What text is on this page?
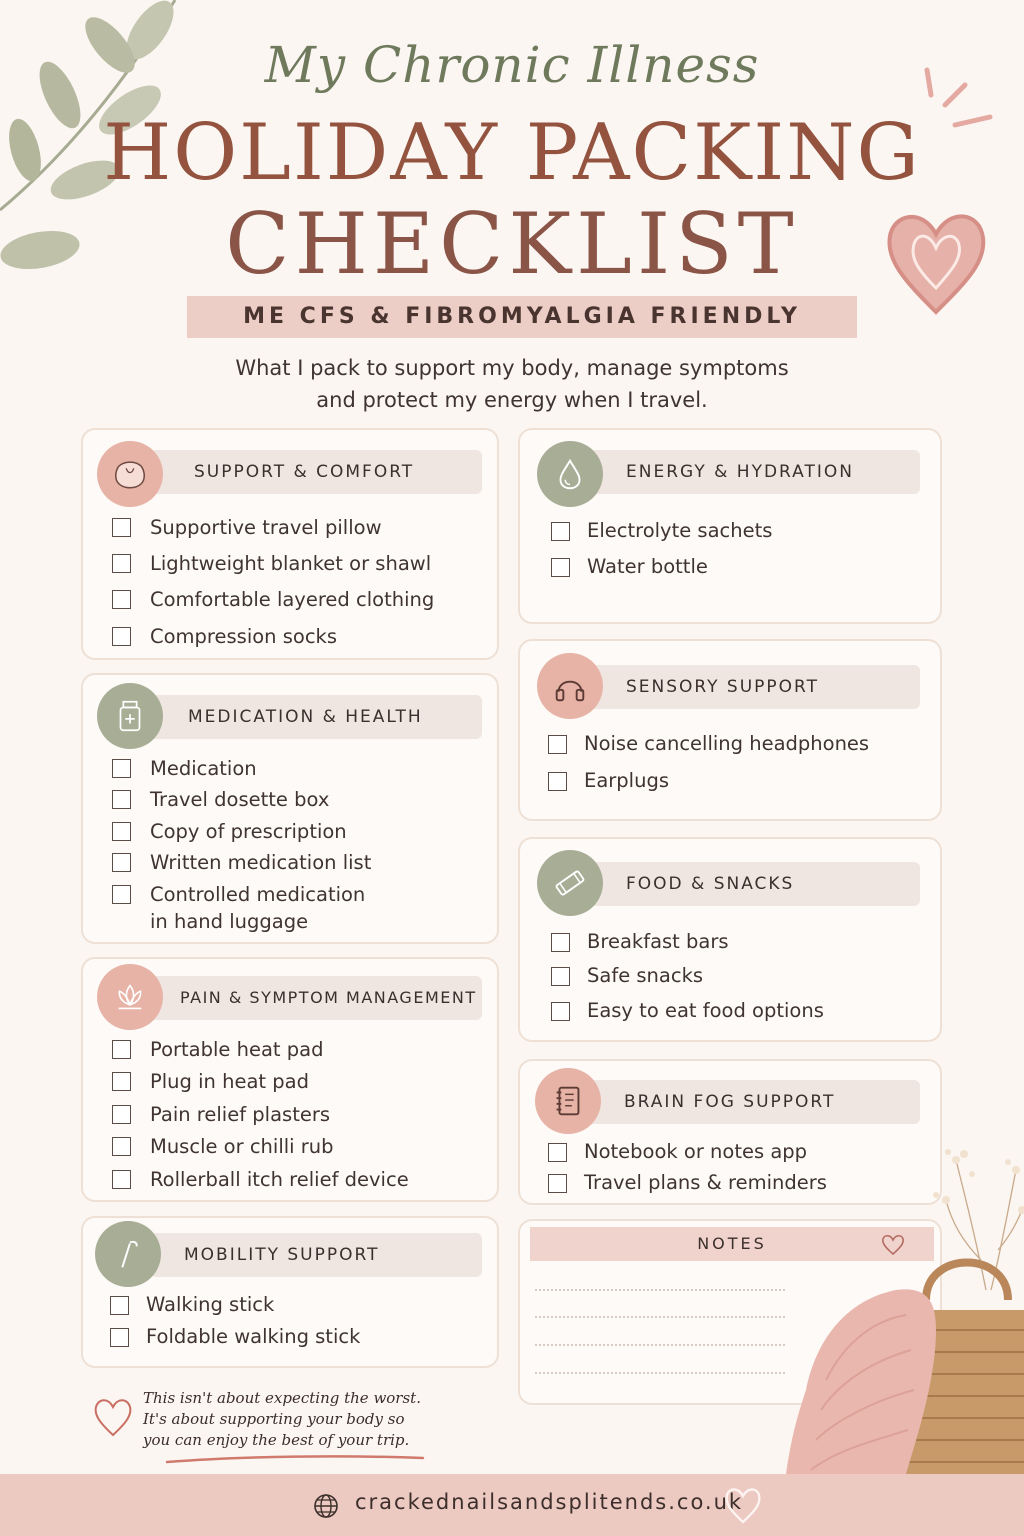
My Chronic Illness
HOLIDAY PACKING
CHECKLIST
ME CFS & FIBROMYALGIA FRIENDLY
What I pack to support my body, manage symptoms
and protect my energy when I travel.
SUPPORT & COMFORT
Supportive travel pillow
Lightweight blanket or shawl
Comfortable layered clothing
Compression socks
MEDICATION & HEALTH
Medication
Travel dosette box
Copy of prescription
Written medication list
Controlled medication
in hand luggage
PAIN & SYMPTOM MANAGEMENT
Portable heat pad
Plug in heat pad
Pain relief plasters
Muscle or chilli rub
Rollerball itch relief device
MOBILITY SUPPORT
Walking stick
Foldable walking stick
ENERGY & HYDRATION
Electrolyte sachets
Water bottle
SENSORY SUPPORT
Noise cancelling headphones
Earplugs
FOOD & SNACKS
Breakfast bars
Safe snacks
Easy to eat food options
BRAIN FOG SUPPORT
Notebook or notes app
Travel plans & reminders
NOTES
This isn't about expecting the worst.
It's about supporting your body so
you can enjoy the best of your trip.
crackednailsandsplitends.co.uk
